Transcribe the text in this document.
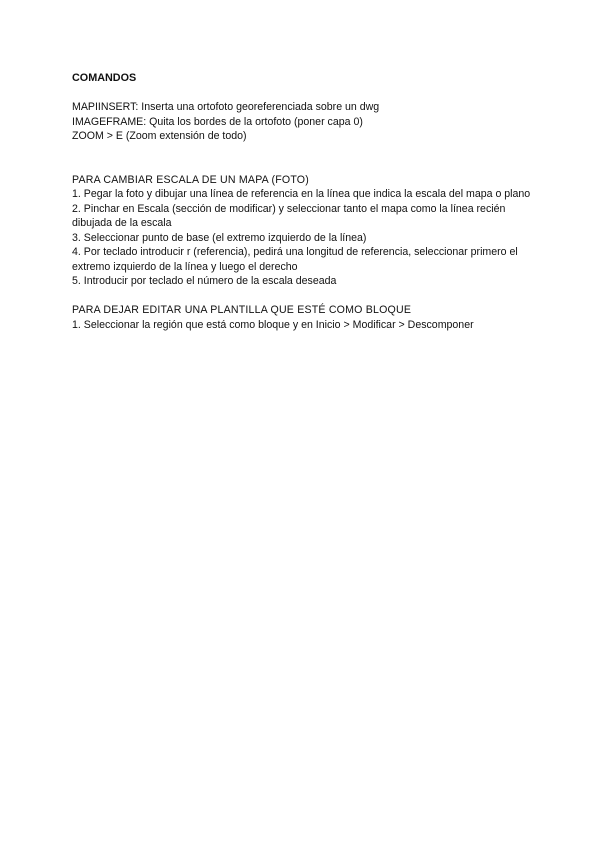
COMANDOS

MAPIINSERT: Inserta una ortofoto georeferenciada sobre un dwg

IMAGEFRAME: Quita los bordes de la ortofoto (poner capa 0)

ZOOM > E (Zoom extensión de todo)

PARA CAMBIAR ESCALA DE UN MAPA (FOTO)

1. Pegar la foto y dibujar una línea de referencia en la línea que indica la escala del mapa o plano

2. Pinchar en Escala (sección de modificar) y seleccionar tanto el mapa como la línea recién dibujada de la escala

3. Seleccionar punto de base (el extremo izquierdo de la línea)

4. Por teclado introducir r (referencia), pedirá una longitud de referencia, seleccionar primero el extremo izquierdo de la línea y luego el derecho

5. Introducir por teclado el número de la escala deseada

PARA DEJAR EDITAR UNA PLANTILLA QUE ESTÉ COMO BLOQUE

1. Seleccionar la región que está como bloque y en Inicio > Modificar > Descomponer
